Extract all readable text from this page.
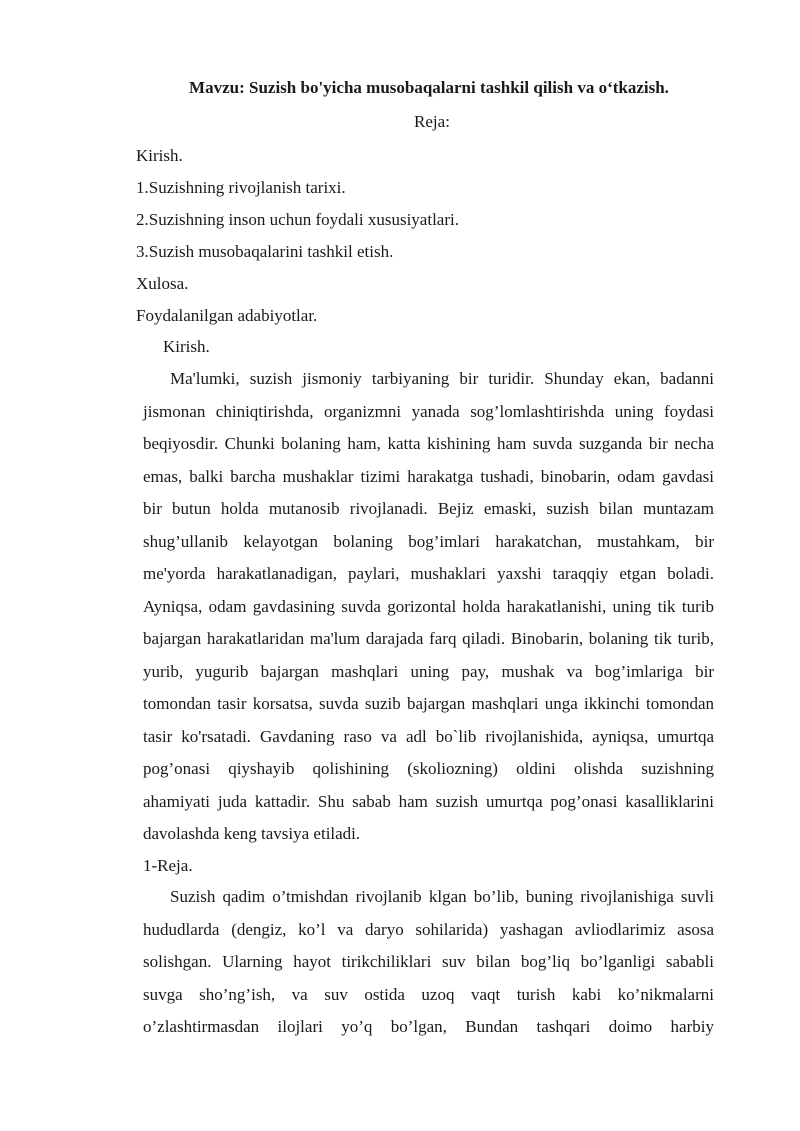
Mavzu: Suzish bo'yicha musobaqalarni tashkil qilish va o‘tkazish.
Reja:
Kirish.
1.Suzishning rivojlanish tarixi.
2.Suzishning inson uchun foydali xususiyatlari.
3.Suzish musobaqalarini tashkil etish.
Xulosa.
Foydalanilgan adabiyotlar.
Kirish.
Ma'lumki, suzish jismoniy tarbiyaning bir turidir. Shunday ekan, badanni
jismonan chiniqtirishda, organizmni yanada sog’lomlashtirishda uning foydasi
beqiyosdir. Chunki bolaning ham, katta kishining ham suvda suzganda bir necha
emas, balki barcha mushaklar tizimi harakatga tushadi, binobarin, odam gavdasi
bir butun holda mutanosib rivojlanadi. Bejiz emaski, suzish bilan muntazam
shug’ullanib kelayotgan bolaning bog’imlari harakatchan, mustahkam, bir
me'yorda harakatlanadigan, paylari, mushaklari yaxshi taraqqiy etgan boladi.
Ayniqsa, odam gavdasining suvda gorizontal holda harakatlanishi, uning tik turib
bajargan harakatlaridan ma'lum darajada farq qiladi. Binobarin, bolaning tik turib,
yurib, yugurib bajargan mashqlari uning pay, mushak va bog’imlariga bir
tomondan tasir korsatsa, suvda suzib bajargan mashqlari unga ikkinchi tomondan
tasir ko'rsatadi. Gavdaning raso va adl bo`lib rivojlanishida, ayniqsa, umurtqa
pog’onasi qiyshayib qolishining (skoliozning) oldini olishda suzishning
ahamiyati juda kattadir. Shu sabab ham suzish umurtqa pog’onasi kasalliklarini
davolashda keng tavsiya etiladi.
1-Reja.
Suzish qadim o’tmishdan rivojlanib klgan bo’lib, buning rivojlanishiga suvli
hududlarda (dengiz, ko’l va daryo sohilarida) yashagan avliodlarimiz asosa
solishgan. Ularning hayot tirikchiliklari suv bilan bog’liq bo’lganligi sababli
suvga sho’ng’ish, va suv ostida uzoq vaqt turish kabi ko’nikmalarni
o’zlashtirmasdan ilojlari yo’q bo’lgan, Bundan tashqari doimo harbiy
